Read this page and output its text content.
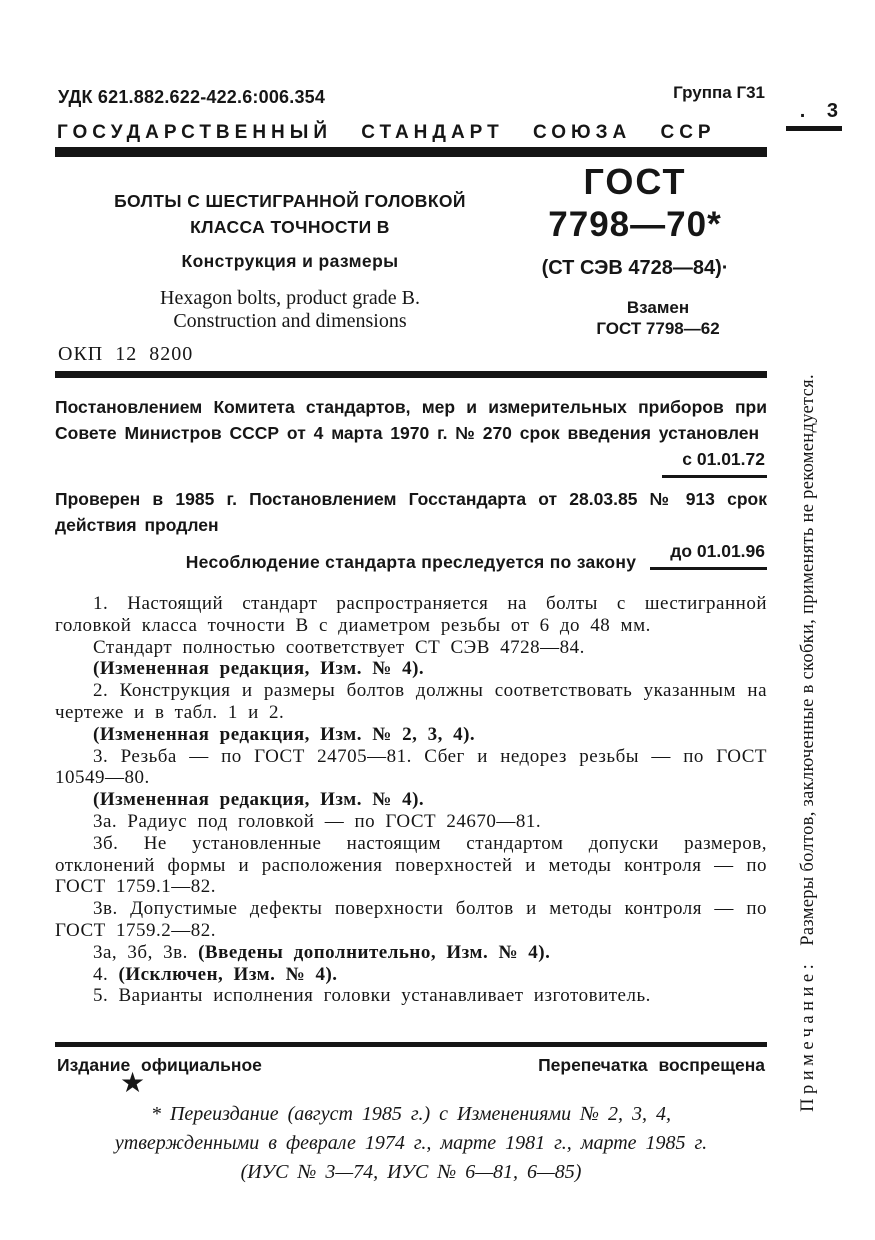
УДК 621.882.622-422.6:006.354	Группа Г31
. 3
ГОСУДАРСТВЕННЫЙ СТАНДАРТ СОЮЗА ССР
БОЛТЫ С ШЕСТИГРАННОЙ ГОЛОВКОЙ
КЛАССА ТОЧНОСТИ В
Конструкция и размеры
Hexagon bolts, product grade B.
Construction and dimensions
ОКП 12 8200
ГОСТ
7798—70*
(СТ СЭВ 4728—84)·
Взамен
ГОСТ 7798—62

Постановлением Комитета стандартов, мер и измерительных приборов при Совете Министров СССР от 4 марта 1970 г. № 270 срок введения установлен

с 01.01.72

Проверен в 1985 г. Постановлением Госстандарта от 28.03.85 № 913 срок действия продлен

до 01.01.96
Несоблюдение стандарта преследуется по закону

1. Настоящий стандарт распространяется на болты с шестигранной головкой класса точности В с диаметром резьбы от 6 до 48 мм.

Стандарт полностью соответствует СТ СЭВ 4728—84.

(Измененная редакция, Изм. № 4).

2. Конструкция и размеры болтов должны соответствовать указанным на чертеже и в табл. 1 и 2.

(Измененная редакция, Изм. № 2, 3, 4).

3. Резьба — по ГОСТ 24705—81. Сбег и недорез резьбы — по ГОСТ 10549—80.

(Измененная редакция, Изм. № 4).

3а. Радиус под головкой — по ГОСТ 24670—81.

3б. Не установленные настоящим стандартом допуски размеров, отклонений формы и расположения поверхностей и методы контроля — по ГОСТ 1759.1—82.

3в. Допустимые дефекты поверхности болтов и методы контроля — по ГОСТ 1759.2—82.

3а, 3б, 3в. (Введены дополнительно, Изм. № 4).

4. (Исключен, Изм. № 4).

5. Варианты исполнения головки устанавливает изготовитель.

Издание официальное	Перепечатка воспрещена
★
* Переиздание (август 1985 г.) с Изменениями № 2, 3, 4,
утвержденными в феврале 1974 г., марте 1981 г., марте 1985 г.
(ИУС № 3—74, ИУС № 6—81, 6—85)
Примечание:Размеры болтов, заключенные в скобки, применять не рекомендуется.
